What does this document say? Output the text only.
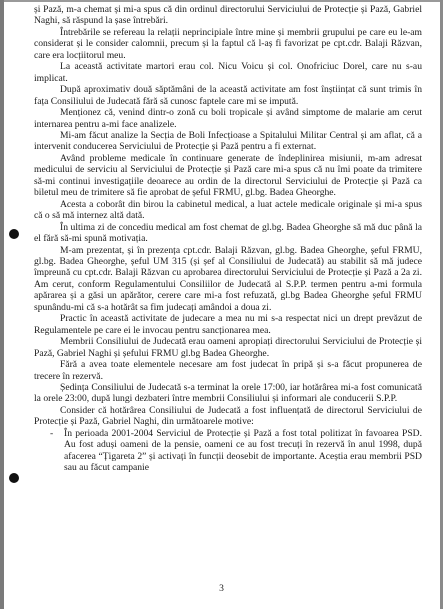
și Pază, m-a chemat și mi-a spus că din ordinul directorului Serviciului de Protecție și Pază, Gabriel Naghi, să răspund la șase întrebări.

Întrebările se refereau la relații neprincipiale între mine și membrii grupului pe care eu le-am considerat și le consider calomnii, precum și la faptul că l-aș fi favorizat pe cpt.cdr. Balaji Răzvan, care era locțiitorul meu.

La această activitate martori erau col. Nicu Voicu și col. Onofriciuc Dorel, care nu s-au implicat.

După aproximativ două săptămâni de la această activitate am fost înștiințat că sunt trimis în fața Consiliului de Judecată fără să cunosc faptele care mi se impută.

Menționez că, venind dintr-o zonă cu boli tropicale și având simptome de malarie am cerut internarea pentru a-mi face analizele.

Mi-am făcut analize la Secția de Boli Infecțioase a Spitalului Militar Central și am aflat, că a intervenit conducerea Serviciului de Protecție și Pază pentru a fi externat.

Având probleme medicale în continuare generate de îndeplinirea misiunii, m-am adresat medicului de serviciu al Serviciului de Protecție și Pază care mi-a spus că nu îmi poate da trimitere să-mi continui investigațiile deoarece au ordin de la directorul Serviciului de Protecție și Pază ca biletul meu de trimitere să fie aprobat de șeful FRMU, gl.bg. Badea Gheorghe.

Acesta a coborât din birou la cabinetul medical, a luat actele medicale originale și mi-a spus că o să mă internez altă dată.

În ultima zi de concediu medical am fost chemat de gl.bg. Badea Gheorghe să mă duc până la el fără să-mi spună motivația.

M-am prezentat, și în prezența cpt.cdr. Balaji Răzvan, gl.bg. Badea Gheorghe, șeful FRMU, gl.bg. Badea Gheorghe, șeful UM 315 (și șef al Consiliului de Judecată) au stabilit să mă judece împreună cu cpt.cdr. Balaji Răzvan cu aprobarea directorului Serviciului de Protecție și Pază a 2a zi. Am cerut, conform Regulamentului Consiliilor de Judecată al S.P.P. termen pentru a-mi formula apărarea și a găsi un apărător, cerere care mi-a fost refuzată, gl.bg Badea Gheorghe șeful FRMU spunându-mi că s-a hotărât sa fim judecați amândoi a doua zi.

Practic în această activitate de judecare a mea nu mi s-a respectat nici un drept prevăzut de Regulamentele pe care ei le invocau pentru sancționarea mea.

Membrii Consiliului de Judecată erau oameni apropiați directorului Serviciului de Protecție și Pază, Gabriel Naghi și șefului FRMU gl.bg Badea Gheorghe.

Fără a avea toate elementele necesare am fost judecat în pripă și s-a făcut propunerea de trecere în rezervă.

Ședința Consiliului de Judecată s-a terminat la orele 17:00, iar hotărârea mi-a fost comunicată la orele 23:00, după lungi dezbateri între membrii Consiliului și informari ale conducerii S.P.P.

Consider că hotărârea Consiliului de Judecată a fost influențată de directorul Serviciului de Protecție și Pază, Gabriel Naghi, din următoarele motive:

- În perioada 2001-2004 Serviciul de Protecție și Pază a fost total politizat în favoarea PSD. Au fost aduși oameni de la pensie, oameni ce au fost trecuți în rezervă în anul 1998, după afacerea “Țigareta 2” și activați în funcții deosebit de importante. Aceștia erau membrii PSD sau au făcut campanie
3
